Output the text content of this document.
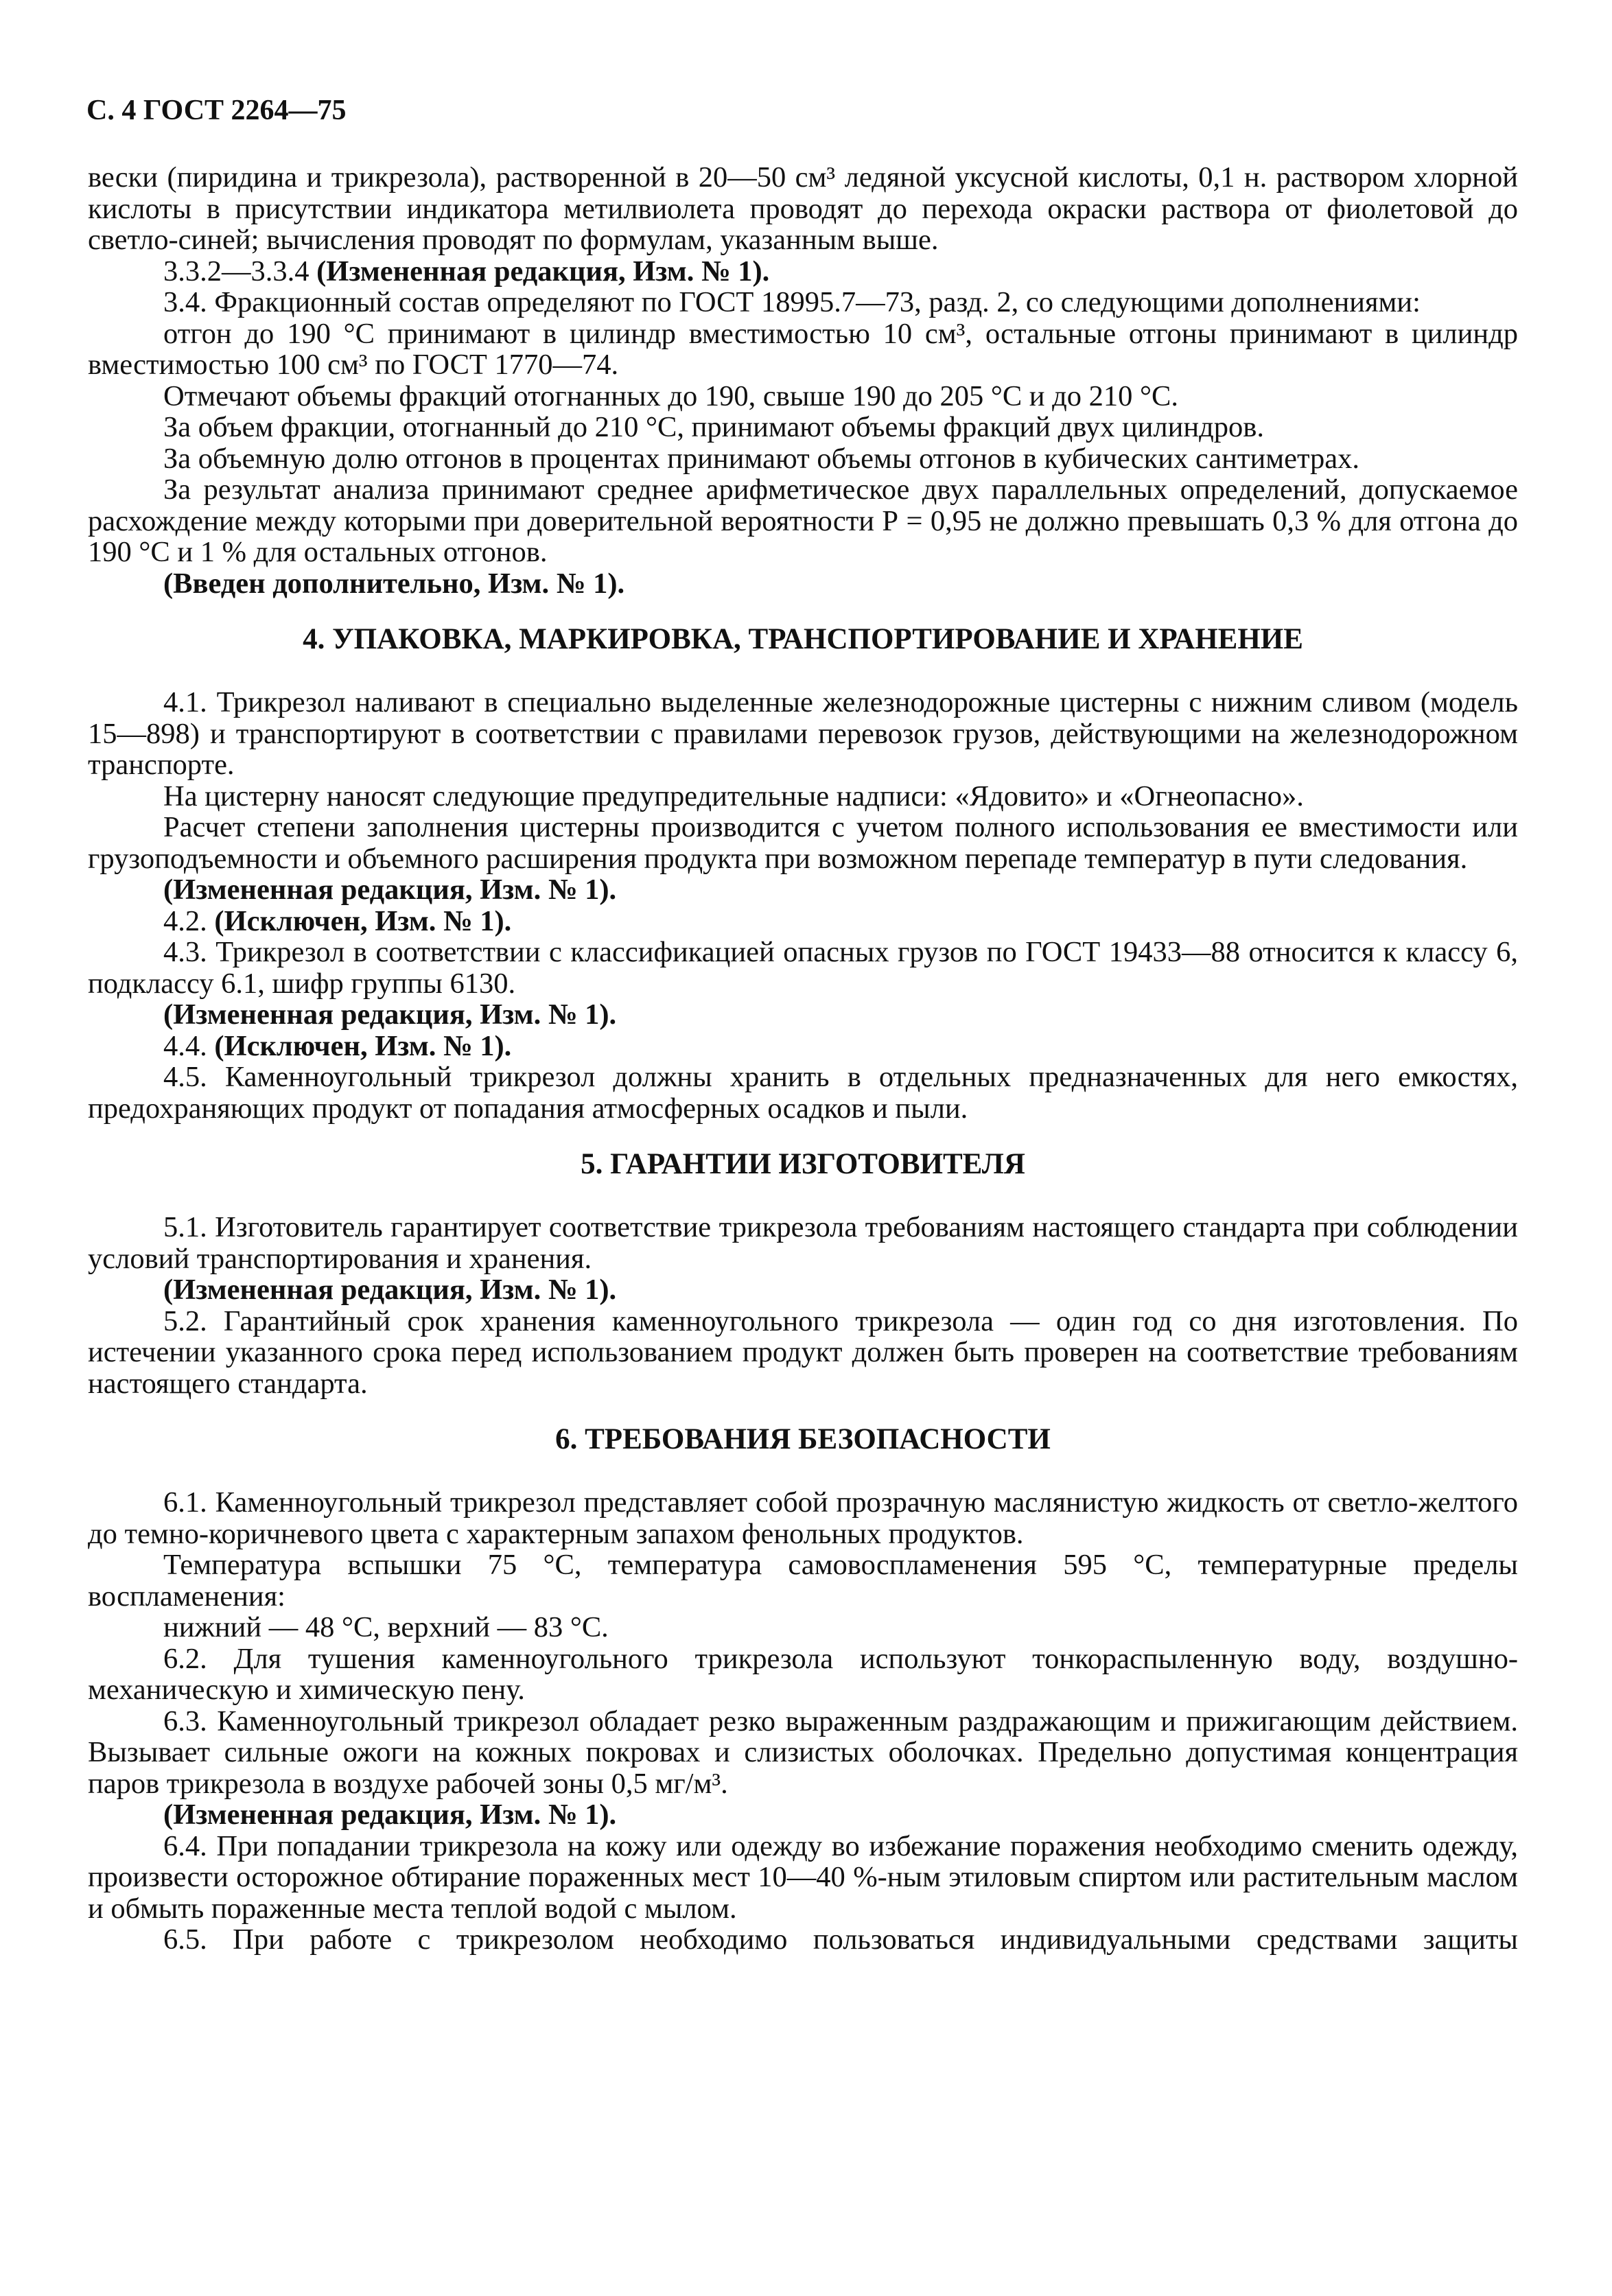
С. 4 ГОСТ 2264—75

вески (пиридина и трикрезола), растворенной в 20—50 см³ ледяной уксусной кислоты, 0,1 н. раствором хлорной кислоты в присутствии индикатора метилвиолета проводят до перехода окраски раствора от фиолетовой до светло-синей; вычисления проводят по формулам, указанным выше.

3.3.2—3.3.4 (Измененная редакция, Изм. № 1).

3.4. Фракционный состав определяют по ГОСТ 18995.7—73, разд. 2, со следующими дополнениями:

отгон до 190 °С принимают в цилиндр вместимостью 10 см³, остальные отгоны принимают в цилиндр вместимостью 100 см³ по ГОСТ 1770—74.

Отмечают объемы фракций отогнанных до 190, свыше 190 до 205 °С и до 210 °С.

За объем фракции, отогнанный до 210 °С, принимают объемы фракций двух цилиндров.

За объемную долю отгонов в процентах принимают объемы отгонов в кубических сантиметрах.

За результат анализа принимают среднее арифметическое двух параллельных определений, допускаемое расхождение между которыми при доверительной вероятности Р = 0,95 не должно превышать 0,3 % для отгона до 190 °С и 1 % для остальных отгонов.

(Введен дополнительно, Изм. № 1).

4. УПАКОВКА, МАРКИРОВКА, ТРАНСПОРТИРОВАНИЕ И ХРАНЕНИЕ

4.1. Трикрезол наливают в специально выделенные железнодорожные цистерны с нижним сливом (модель 15—898) и транспортируют в соответствии с правилами перевозок грузов, действующими на железнодорожном транспорте.

На цистерну наносят следующие предупредительные надписи: «Ядовито» и «Огнеопасно».

Расчет степени заполнения цистерны производится с учетом полного использования ее вместимости или грузоподъемности и объемного расширения продукта при возможном перепаде температур в пути следования.

(Измененная редакция, Изм. № 1).

4.2. (Исключен, Изм. № 1).

4.3. Трикрезол в соответствии с классификацией опасных грузов по ГОСТ 19433—88 относится к классу 6, подклассу 6.1, шифр группы 6130.

(Измененная редакция, Изм. № 1).

4.4. (Исключен, Изм. № 1).

4.5. Каменноугольный трикрезол должны хранить в отдельных предназначенных для него емкостях, предохраняющих продукт от попадания атмосферных осадков и пыли.

5. ГАРАНТИИ ИЗГОТОВИТЕЛЯ

5.1. Изготовитель гарантирует соответствие трикрезола требованиям настоящего стандарта при соблюдении условий транспортирования и хранения.

(Измененная редакция, Изм. № 1).

5.2. Гарантийный срок хранения каменноугольного трикрезола — один год со дня изготовления. По истечении указанного срока перед использованием продукт должен быть проверен на соответствие требованиям настоящего стандарта.

6. ТРЕБОВАНИЯ БЕЗОПАСНОСТИ

6.1. Каменноугольный трикрезол представляет собой прозрачную маслянистую жидкость от светло-желтого до темно-коричневого цвета с характерным запахом фенольных продуктов.

Температура вспышки 75 °С, температура самовоспламенения 595 °С, температурные пределы воспламенения:

нижний — 48 °С, верхний — 83 °С.

6.2. Для тушения каменноугольного трикрезола используют тонкораспыленную воду, воздушно-механическую и химическую пену.

6.3. Каменноугольный трикрезол обладает резко выраженным раздражающим и прижигающим действием. Вызывает сильные ожоги на кожных покровах и слизистых оболочках. Предельно допустимая концентрация паров трикрезола в воздухе рабочей зоны 0,5 мг/м³.

(Измененная редакция, Изм. № 1).

6.4. При попадании трикрезола на кожу или одежду во избежание поражения необходимо сменить одежду, произвести осторожное обтирание пораженных мест 10—40 %-ным этиловым спиртом или растительным маслом и обмыть пораженные места теплой водой с мылом.

6.5. При работе с трикрезолом необходимо пользоваться индивидуальными средствами защиты
